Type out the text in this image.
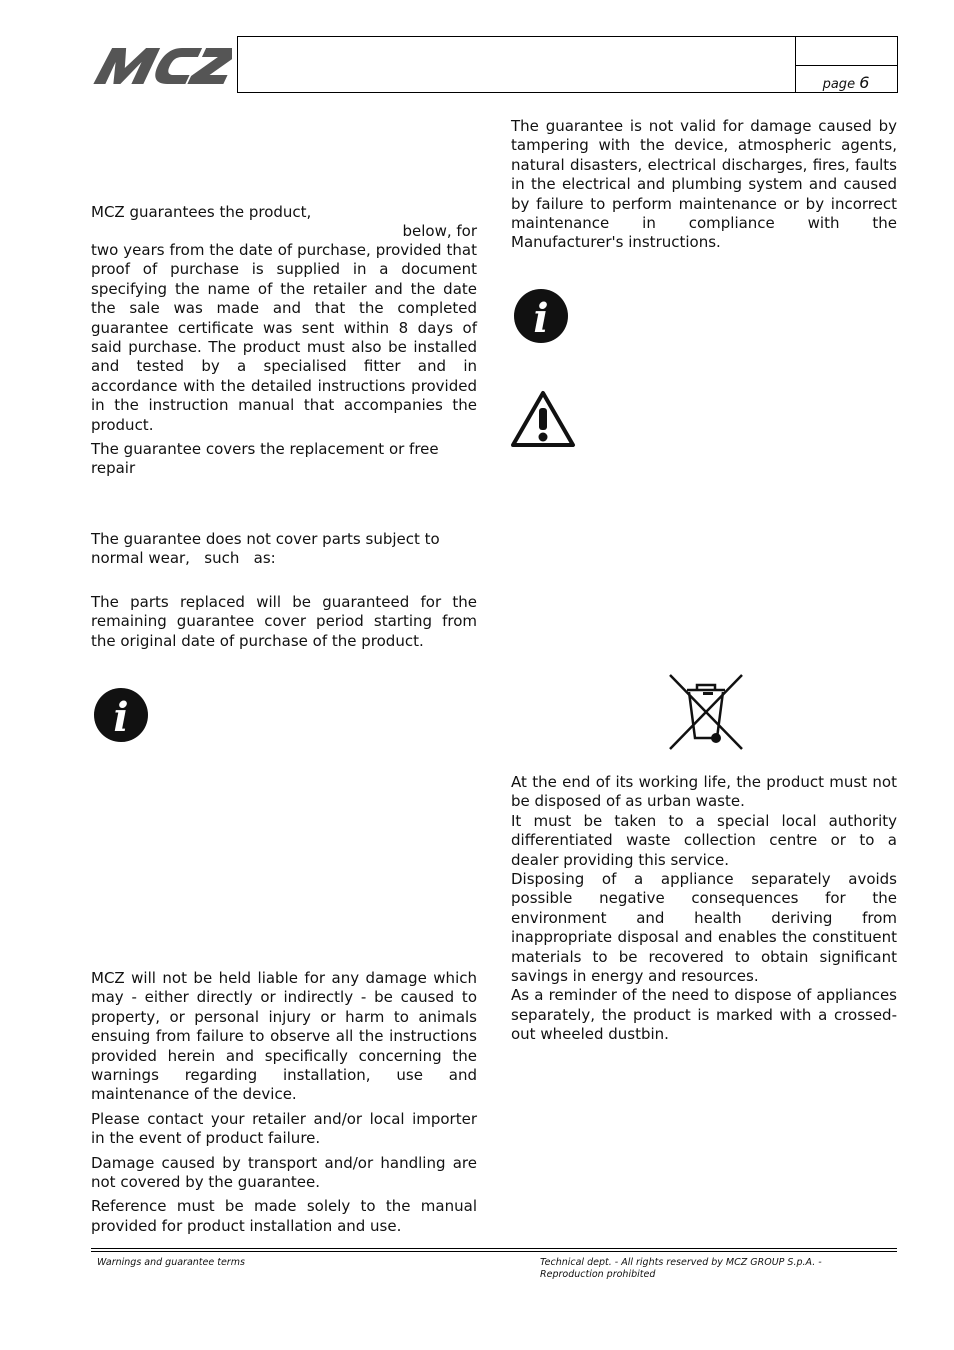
page 6
MCZ guarantees the product,
below, for

two years from the date of purchase, provided that proof of purchase is supplied in a document specifying the name of the retailer and the date the sale was made and that the completed guarantee certificate was sent within 8 days of said purchase. The product must also be installed and tested by a specialised fitter and in accordance with the detailed instructions provided in the instruction manual that accompanies the product.

The guarantee covers the replacement or free repair

The guarantee does not cover parts subject to normal wear,   such   as:

The parts replaced will be guaranteed for the remaining guarantee cover period starting from the original date of purchase of the product.

i

MCZ will not be held liable for any damage which may - either directly or indirectly - be caused to property, or personal injury or harm to animals ensuing from failure to observe all the instructions provided herein and specifically concerning the warnings regarding installation, use and maintenance of the device.

Please contact your retailer and/or local importer in the event of product failure.

Damage caused by transport and/or handling are not covered by the guarantee.

Reference must be made solely to the manual provided for product installation and use.

The guarantee is not valid for damage caused by tampering with the device, atmospheric agents, natural disasters, electrical discharges, fires, faults in the electrical and plumbing system and caused by failure to perform maintenance or by incorrect maintenance in compliance with the Manufacturer's instructions.

i

At the end of its working life, the product must not be disposed of as urban waste.

It must be taken to a special local authority differentiated waste collection centre or to a dealer providing this service.

Disposing of a appliance separately avoids possible negative consequences for the environment and health deriving from inappropriate disposal and enables the constituent materials to be recovered to obtain significant savings in energy and resources.

As a reminder of the need to dispose of appliances separately, the product is marked with a crossed-out wheeled dustbin.

Warnings and guarantee terms	Technical dept. - All rights reserved by MCZ GROUP S.p.A. - Reproduction prohibited
